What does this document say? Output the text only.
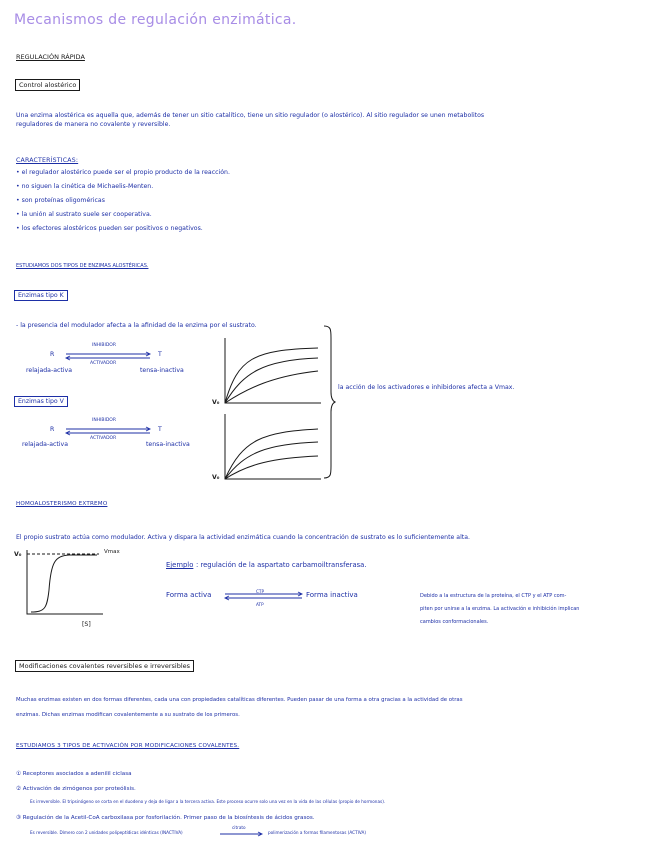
Mecanismos de regulación enzimática.
REGULACIÓN RÁPIDA
Control alostérico
Una enzima alostérica es aquella que, además de tener un sitio catalítico, tiene un sitio regulador (o alostérico). Al sitio regulador se unen metabolitos
reguladores de manera no covalente y reversible.
CARACTERÍSTICAS:
• el regulador alostérico puede ser el propio producto de la reacción.
• no siguen la cinética de Michaelis-Menten.
• son proteínas oligoméricas
• la unión al sustrato suele ser cooperativa.
• los efectores alostéricos pueden ser positivos o negativos.
ESTUDIAMOS DOS TIPOS DE ENZIMAS ALOSTÉRICAS.
Enzimas tipo K
- la presencia del modulador afecta a la afinidad de la enzima por el sustrato.
R	T
INHIBIDOR
ACTIVADOR
relajada-activa	tensa-inactiva
V₀
Enzimas tipo V
R	T
INHIBIDOR
ACTIVADOR
relajada-activa	tensa-inactiva
V₀
la acción de los activadores e inhibidores afecta a Vmax.
HOMOALOSTERISMO EXTREMO
El propio sustrato actúa como modulador. Activa y dispara la actividad enzimática cuando la concentración de sustrato es lo suficientemente alta.
V₀	Vmax
[S]
Ejemplo : regulación de la aspartato carbamoiltransferasa.
Forma activa	CTP
ATP
Forma inactiva	Debido a la estructura de la proteína, el CTP y el ATP com-
piten por unirse a la enzima. La activación e inhibición implican
cambios conformacionales.
Modificaciones covalentes reversibles e irreversibles
Muchas enzimas existen en dos formas diferentes, cada una con propiedades catalíticas diferentes. Pueden pasar de una forma a otra gracias a la actividad de otras
enzimas. Dichas enzimas modifican covalentemente a su sustrato de los primeros.
ESTUDIAMOS 3 TIPOS DE ACTIVACIÓN POR MODIFICACIONES COVALENTES.
① Receptores asociados a adenilil ciclasa
② Activación de zimógenos por proteólisis.
Es irreversible. El tripsinógeno se corta en el duodeno y deja de ligar a la tercera activa. Este proceso ocurre solo una vez en la vida de las células (propio de hormonas).
③ Regulación de la Acetil-CoA carboxilasa por fosforilación. Primer paso de la biosíntesis de ácidos grasos.
Es reversible. Dímero con 2 unidades polipeptídicas idénticas (INACTIVA)
citrato
polimerización a formas filamentosas (ACTIVA)
